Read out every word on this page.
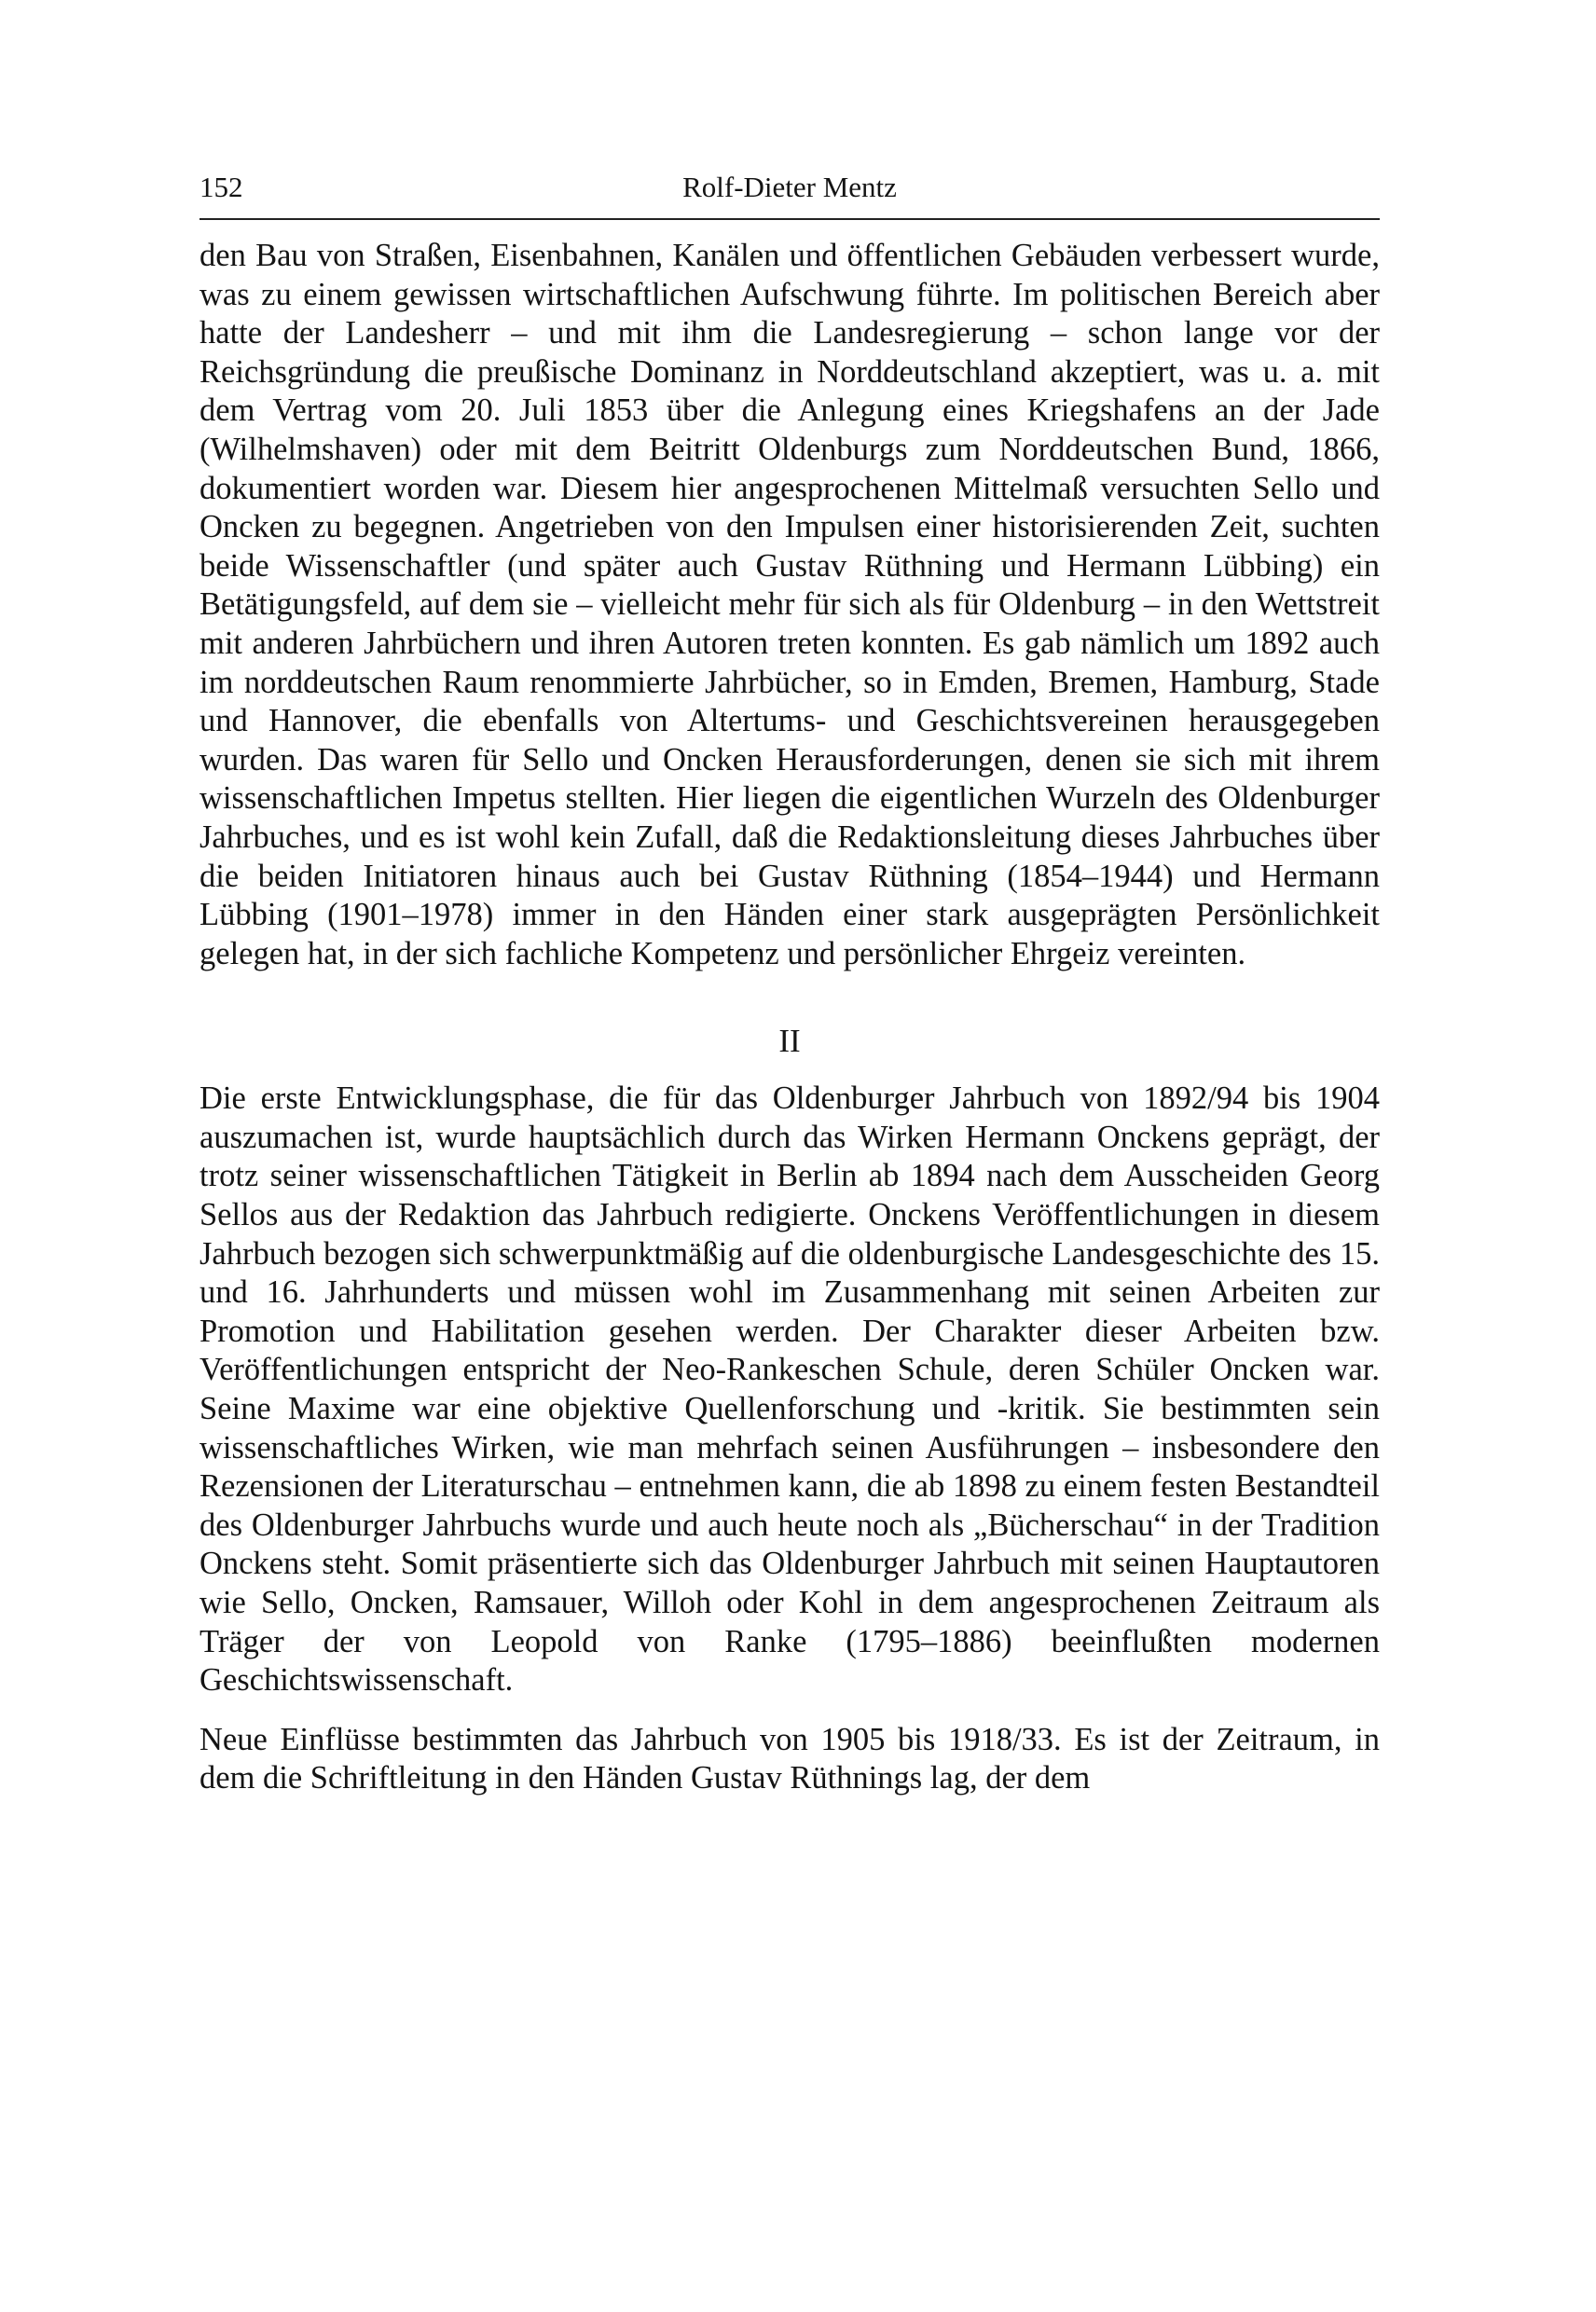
152	Rolf-Dieter Mentz

den Bau von Straßen, Eisenbahnen, Kanälen und öffentlichen Gebäuden verbessert wurde, was zu einem gewissen wirtschaftlichen Aufschwung führte. Im politischen Bereich aber hatte der Landesherr – und mit ihm die Landesregierung – schon lange vor der Reichsgründung die preußische Dominanz in Norddeutschland akzeptiert, was u. a. mit dem Vertrag vom 20. Juli 1853 über die Anlegung eines Kriegshafens an der Jade (Wilhelmshaven) oder mit dem Beitritt Oldenburgs zum Norddeutschen Bund, 1866, dokumentiert worden war. Diesem hier angesprochenen Mittelmaß versuchten Sello und Oncken zu begegnen. Angetrieben von den Impulsen einer historisierenden Zeit, suchten beide Wissenschaftler (und später auch Gustav Rüthning und Hermann Lübbing) ein Betätigungsfeld, auf dem sie – vielleicht mehr für sich als für Oldenburg – in den Wettstreit mit anderen Jahrbüchern und ihren Autoren treten konnten. Es gab nämlich um 1892 auch im norddeutschen Raum renommierte Jahrbücher, so in Emden, Bremen, Hamburg, Stade und Hannover, die ebenfalls von Altertums- und Geschichtsvereinen herausgegeben wurden. Das waren für Sello und Oncken Herausforderungen, denen sie sich mit ihrem wissenschaftlichen Impetus stellten. Hier liegen die eigentlichen Wurzeln des Oldenburger Jahrbuches, und es ist wohl kein Zufall, daß die Redaktionsleitung dieses Jahrbuches über die beiden Initiatoren hinaus auch bei Gustav Rüthning (1854–1944) und Hermann Lübbing (1901–1978) immer in den Händen einer stark ausgeprägten Persönlichkeit gelegen hat, in der sich fachliche Kompetenz und persönlicher Ehrgeiz vereinten.

II

Die erste Entwicklungsphase, die für das Oldenburger Jahrbuch von 1892/94 bis 1904 auszumachen ist, wurde hauptsächlich durch das Wirken Hermann Onckens geprägt, der trotz seiner wissenschaftlichen Tätigkeit in Berlin ab 1894 nach dem Ausscheiden Georg Sellos aus der Redaktion das Jahrbuch redigierte. Onckens Veröffentlichungen in diesem Jahrbuch bezogen sich schwerpunktmäßig auf die oldenburgische Landesgeschichte des 15. und 16. Jahrhunderts und müssen wohl im Zusammenhang mit seinen Arbeiten zur Promotion und Habilitation gesehen werden. Der Charakter dieser Arbeiten bzw. Veröffentlichungen entspricht der Neo-Rankeschen Schule, deren Schüler Oncken war. Seine Maxime war eine objektive Quellenforschung und -kritik. Sie bestimmten sein wissenschaftliches Wirken, wie man mehrfach seinen Ausführungen – insbesondere den Rezensionen der Literaturschau – entnehmen kann, die ab 1898 zu einem festen Bestandteil des Oldenburger Jahrbuchs wurde und auch heute noch als „Bücherschau“ in der Tradition Onckens steht. Somit präsentierte sich das Oldenburger Jahrbuch mit seinen Hauptautoren wie Sello, Oncken, Ramsauer, Willoh oder Kohl in dem angesprochenen Zeitraum als Träger der von Leopold von Ranke (1795–1886) beeinflußten modernen Geschichtswissenschaft.

Neue Einflüsse bestimmten das Jahrbuch von 1905 bis 1918/33. Es ist der Zeitraum, in dem die Schriftleitung in den Händen Gustav Rüthnings lag, der dem
